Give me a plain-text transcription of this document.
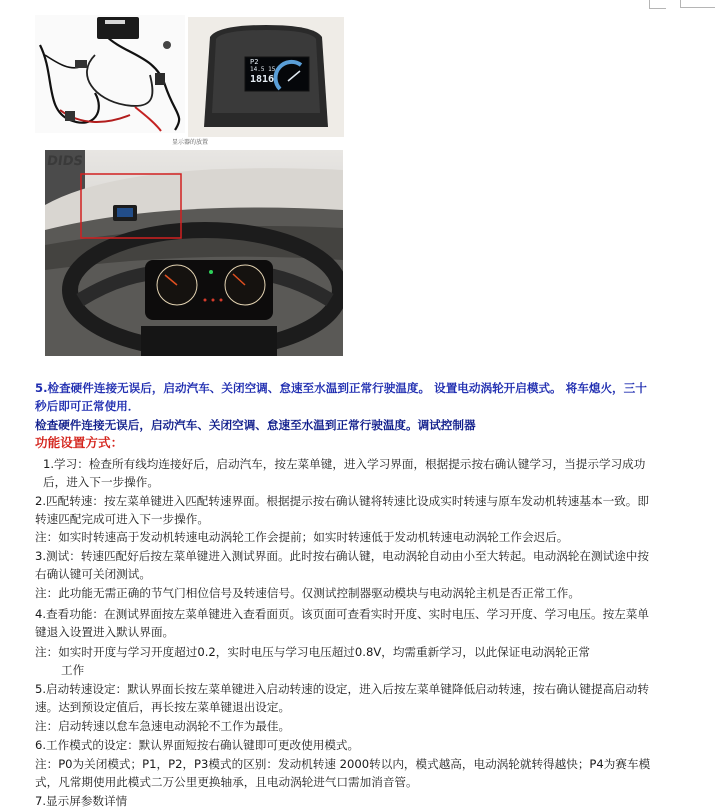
P2
14.5 15
1816
显示器的放置
DIDS
5.检查硬件连接无误后，启动汽车、关闭空调、怠速至水温到正常行驶温度。 设置电动涡轮开启模式。 将车熄火，三十秒后即可正常使用．
检查硬件连接无误后，启动汽车、关闭空调、怠速至水温到正常行驶温度。调试控制器
功能设置方式：
1.学习：检查所有线均连接好后，启动汽车，按左菜单键，进入学习界面，根据提示按右确认键学习，当提示学习成功后，进入下一步操作。
2.匹配转速：按左菜单键进入匹配转速界面。根据提示按右确认键将转速比设成实时转速与原车发动机转速基本一致。即转速匹配完成可进入下一步操作。
注：如实时转速高于发动机转速电动涡轮工作会提前；如实时转速低于发动机转速电动涡轮工作会迟后。
3.测试：转速匹配好后按左菜单键进入测试界面。此时按右确认键，电动涡轮自动由小至大转起。电动涡轮在测试途中按右确认键可关闭测试。
注：此功能无需正确的节气门相位信号及转速信号。仅测试控制器驱动模块与电动涡轮主机是否正常工作。
4.查看功能：在测试界面按左菜单键进入查看面页。该页面可查看实时开度、实时电压、学习开度、学习电压。按左菜单键退入设置进入默认界面。
注：如实时开度与学习开度超过0.2，实时电压与学习电压超过0.8V，均需重新学习，以此保证电动涡轮正常
工作
5.启动转速设定：默认界面长按左菜单键进入启动转速的设定，进入后按左菜单键降低启动转速，按右确认键提高启动转速。达到预设定值后，再长按左菜单键退出设定。
注：启动转速以怠车急速电动涡轮不工作为最佳。
6.工作模式的设定：默认界面短按右确认键即可更改使用模式。
注：P0为关闭模式；P1，P2，P3模式的区别：发动机转速 2000转以内，模式越高，电动涡轮就转得越快；P4为赛车模式，凡常期使用此模式二万公里更换轴承，且电动涡轮进气口需加消音管。
7.显示屏参数详情
